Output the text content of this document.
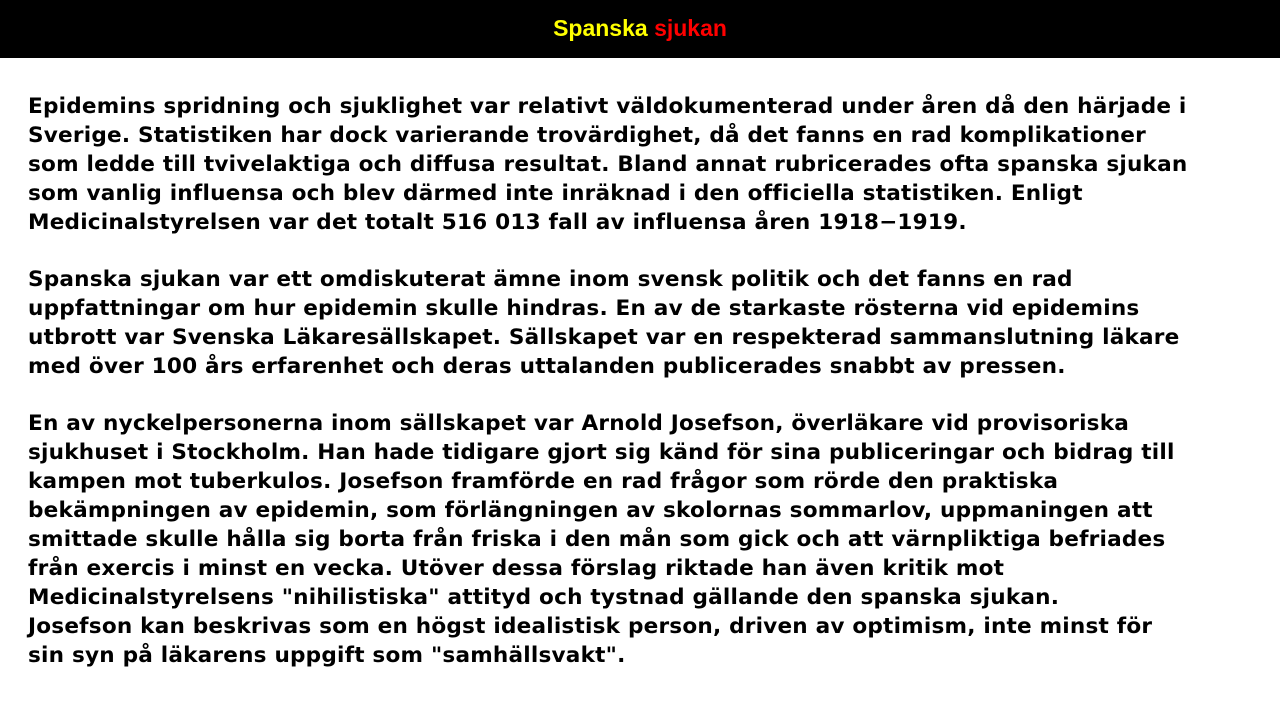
Spanska sjukan
Epidemins spridning och sjuklighet var relativt väldokumenterad under åren då den härjade i
Sverige. Statistiken har dock varierande trovärdighet, då det fanns en rad komplikationer
som ledde till tvivelaktiga och diffusa resultat. Bland annat rubricerades ofta spanska sjukan
som vanlig influensa och blev därmed inte inräknad i den officiella statistiken. Enligt
Medicinalstyrelsen var det totalt 516 013 fall av influensa åren 1918−1919.
Spanska sjukan var ett omdiskuterat ämne inom svensk politik och det fanns en rad
uppfattningar om hur epidemin skulle hindras. En av de starkaste rösterna vid epidemins
utbrott var Svenska Läkaresällskapet. Sällskapet var en respekterad sammanslutning läkare
med över 100 års erfarenhet och deras uttalanden publicerades snabbt av pressen.
En av nyckelpersonerna inom sällskapet var Arnold Josefson, överläkare vid provisoriska
sjukhuset i Stockholm. Han hade tidigare gjort sig känd för sina publiceringar och bidrag till
kampen mot tuberkulos. Josefson framförde en rad frågor som rörde den praktiska
bekämpningen av epidemin, som förlängningen av skolornas sommarlov, uppmaningen att
smittade skulle hålla sig borta från friska i den mån som gick och att värnpliktiga befriades
från exercis i minst en vecka. Utöver dessa förslag riktade han även kritik mot
Medicinalstyrelsens "nihilistiska" attityd och tystnad gällande den spanska sjukan.
Josefson kan beskrivas som en högst idealistisk person, driven av optimism, inte minst för
sin syn på läkarens uppgift som "samhällsvakt".
